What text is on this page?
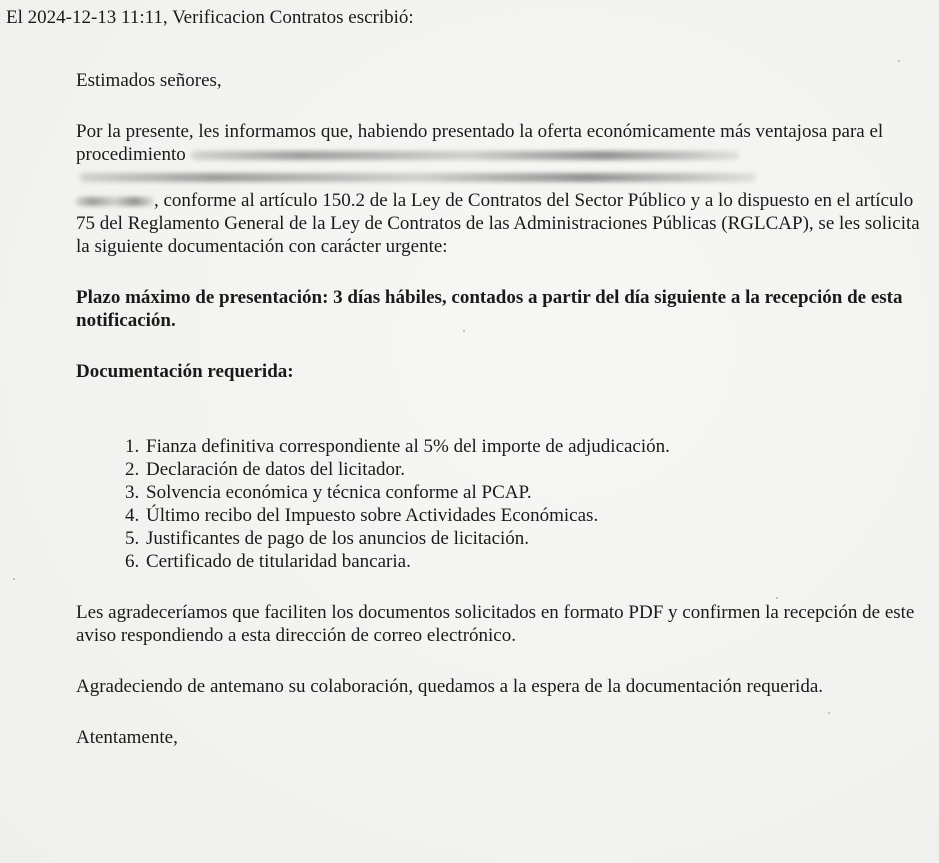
El 2024-12-13 11:11, Verificacion Contratos escribió:

Estimados señores,

Por la presente, les informamos que, habiendo presentado la oferta económicamente más ventajosa para el procedimiento
, conforme al artículo 150.2 de la Ley de Contratos del Sector Público y a lo dispuesto en el artículo 75 del Reglamento General de la Ley de Contratos de las Administraciones Públicas (RGLCAP), se les solicita la siguiente documentación con carácter urgente:

Plazo máximo de presentación: 3 días hábiles, contados a partir del día siguiente a la recepción de esta notificación.

Documentación requerida:

1. Fianza definitiva correspondiente al 5% del importe de adjudicación.
2. Declaración de datos del licitador.
3. Solvencia económica y técnica conforme al PCAP.
4. Último recibo del Impuesto sobre Actividades Económicas.
5. Justificantes de pago de los anuncios de licitación.
6. Certificado de titularidad bancaria.

Les agradeceríamos que faciliten los documentos solicitados en formato PDF y confirmen la recepción de este aviso respondiendo a esta dirección de correo electrónico.

Agradeciendo de antemano su colaboración, quedamos a la espera de la documentación requerida.

Atentamente,
